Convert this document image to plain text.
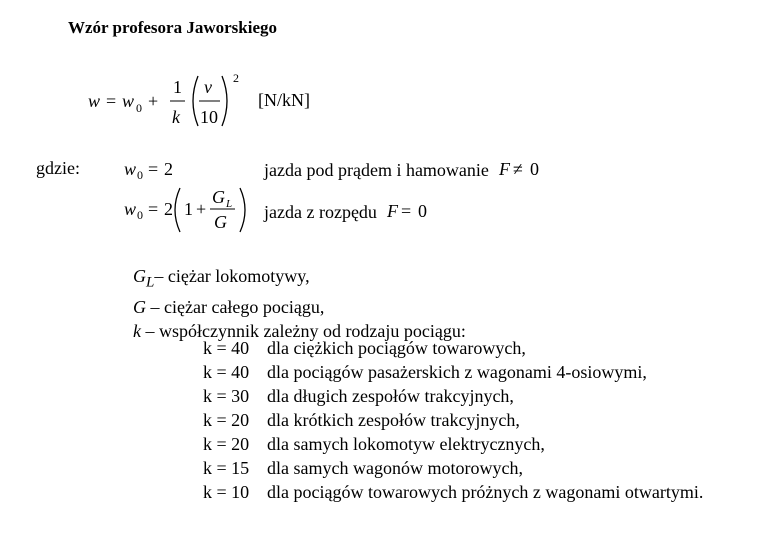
Wzór profesora Jaworskiego
w = w 0 +
1
k
v
10
2
[N/kN]
gdzie: w 0 = 2	jazda pod prądem i hamowanie F ≠ 0
w 0 = 2 1 +
G L
G jazda z rozpędu F = 0
$G_L-$ ciężar lokomotywy,
G – ciężar całego pociągu,
k – współczynnik zależny od rodzaju pociągu:
k = 40 dla ciężkich pociągów towarowych,
k = 40 dla pociągów pasażerskich z wagonami 4-osiowymi,
k = 30 dla długich zespołów trakcyjnych,
k = 20 dla krótkich zespołów trakcyjnych,
k = 20 dla samych lokomotyw elektrycznych,
k = 15 dla samych wagonów motorowych,
k = 10 dla pociągów towarowych próżnych z wagonami otwartymi.
